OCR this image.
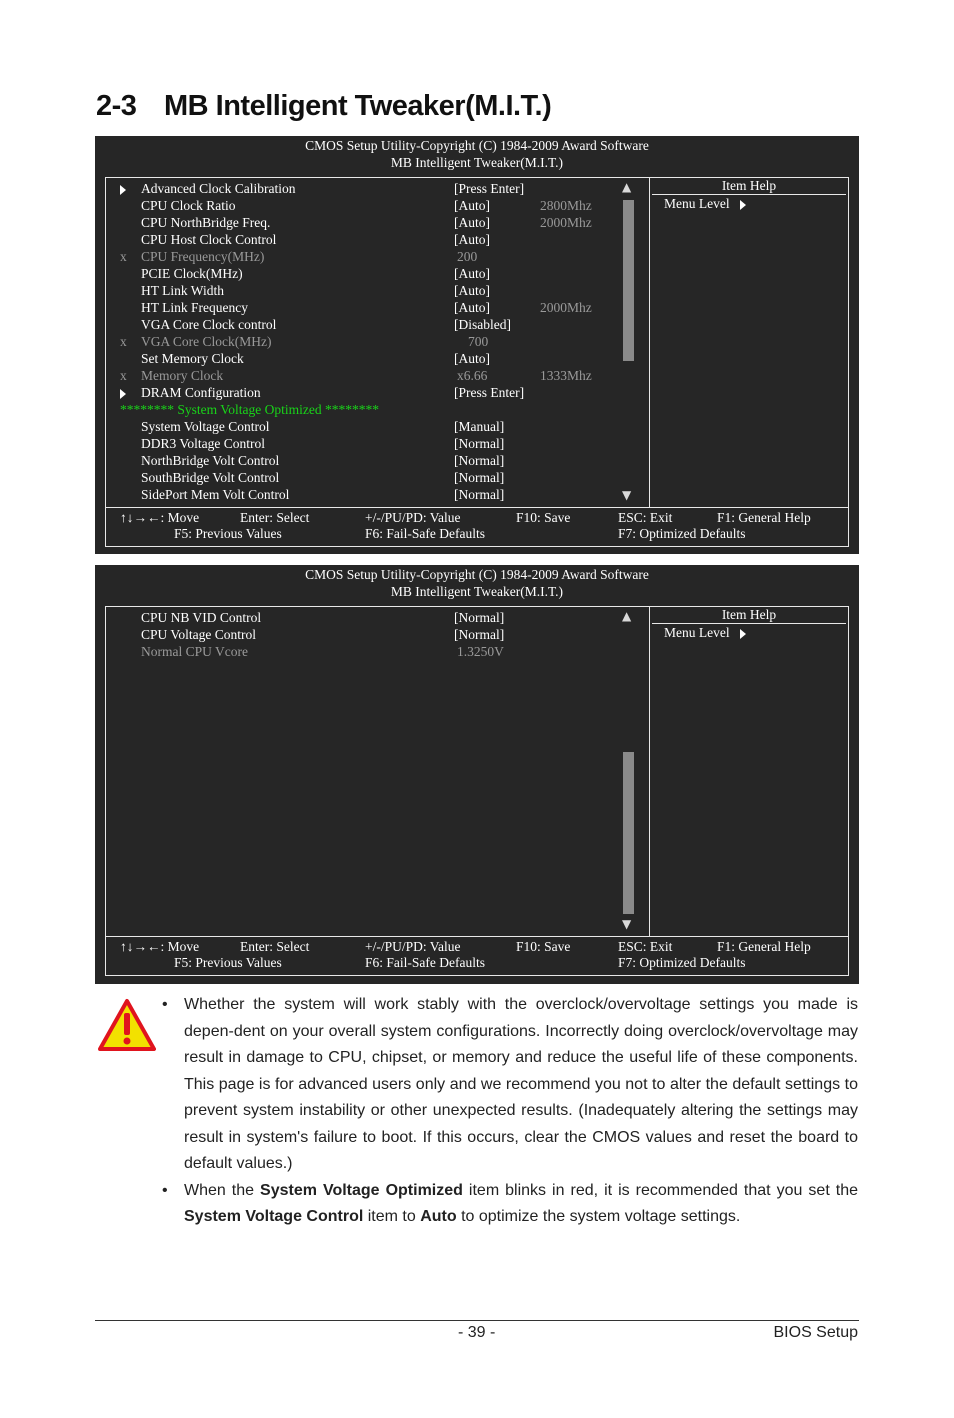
2-3 MB Intelligent Tweaker(M.I.T.)
CMOS Setup Utility-Copyright (C) 1984-2009 Award Software
MB Intelligent Tweaker(M.I.T.)
Advanced Clock Calibration	[Press Enter]
CPU Clock Ratio	[Auto]	2800Mhz
CPU NorthBridge Freq.	[Auto]	2000Mhz
CPU Host Clock Control	[Auto]
x CPU Frequency(MHz)	200
PCIE Clock(MHz)	[Auto]
HT Link Width	[Auto]
HT Link Frequency	[Auto]	2000Mhz
VGA Core Clock control	[Disabled]
x VGA Core Clock(MHz)	700
Set Memory Clock	[Auto]
x Memory Clock	x6.66	1333Mhz
DRAM Configuration	[Press Enter]
******** System Voltage Optimized ********
System Voltage Control	[Manual]
DDR3 Voltage Control	[Normal]
NorthBridge Volt Control	[Normal]
SouthBridge Volt Control	[Normal]
SidePort Mem Volt Control	[Normal]
▲
▼
Item Help
Menu Level
↑↓→←: Move	Enter: Select	+/-/PU/PD: Value	F10: Save	ESC: Exit	F1: General Help
F5: Previous Values	F6: Fail-Safe Defaults	F7: Optimized Defaults
CMOS Setup Utility-Copyright (C) 1984-2009 Award Software
MB Intelligent Tweaker(M.I.T.)
CPU NB VID Control	[Normal]
CPU Voltage Control	[Normal]
Normal CPU Vcore	1.3250V
▲
▼
Item Help
Menu Level
↑↓→←: Move	Enter: Select	+/-/PU/PD: Value	F10: Save	ESC: Exit	F1: General Help
F5: Previous Values	F6: Fail-Safe Defaults	F7: Optimized Defaults
• Whether the system will work stably with the overclock/overvoltage settings you made is depen-dent on your overall system configurations. Incorrectly doing overclock/overvoltage may result in damage to CPU, chipset, or memory and reduce the useful life of these components. This page is for advanced users only and we recommend you not to alter the default settings to prevent system instability or other unexpected results. (Inadequately altering the settings may result in system's failure to boot. If this occurs, clear the CMOS values and reset the board to default values.)
• When the System Voltage Optimized item blinks in red, it is recommended that you set the System Voltage Control item to Auto to optimize the system voltage settings.
- 39 -	BIOS Setup
